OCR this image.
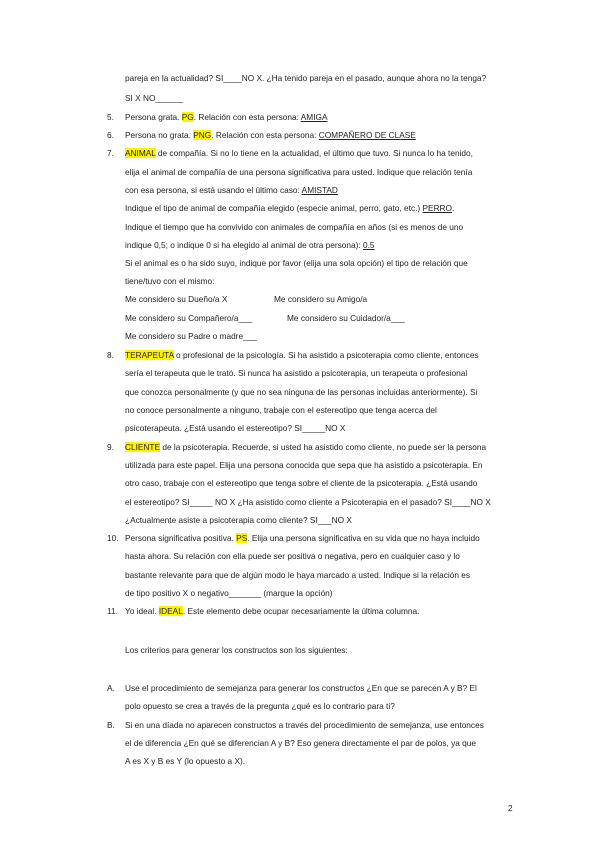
pareja en la actualidad? SI____NO X. ¿Ha tenido pareja en el pasado, aunque ahora no la tenga?
SI X NO______
5. Persona grata. PG. Relación con esta persona: AMIGA
6. Persona no grata. PNG. Relación con esta persona: COMPAÑERO DE CLASE
7. ANIMAL de compañía. Si no lo tiene en la actualidad, el último que tuvo. Si nunca lo ha tenido,
elija el animal de compañía de una persona significativa para usted. Indique que relación tenía
con esa persona, si está usando el último caso: AMISTAD
Indique el tipo de animal de compañía elegido (especie animal, perro, gato, etc.) PERRO.
Indique el tiempo que ha convivido con animales de compañía en años (si es menos de uno
indique 0,5; o indique 0 si ha elegido al animal de otra persona): 0.5
Si el animal es o ha sido suyo, indique por favor (elija una sola opción) el tipo de relación que
tiene/tuvo con el mismo:
Me considero su Dueño/a X	Me considero su Amigo/a
Me considero su Compañero/a___	Me considero su Cuidador/a___
Me considero su Padre o madre___
8. TERAPEUTA o profesional de la psicología. Si ha asistido a psicoterapia como cliente, entonces
sería el terapeuta que le trató. Si nunca ha asistido a psicoterapia, un terapeuta o profesional
que conozca personalmente (y que no sea ninguna de las personas incluidas anteriormente). Si
no conoce personalmente a ninguno, trabaje con el estereotipo que tenga acerca del
psicoterapeuta. ¿Está usando el estereotipo? SI_____NO X
9. CLIENTE de la psicoterapia. Recuerde, si usted ha asistido como cliente, no puede ser la persona
utilizada para este papel. Elija una persona conocida que sepa que ha asistido a psicoterapia. En
otro caso, trabaje con el estereotipo que tenga sobre el cliente de la psicoterapia. ¿Está usando
el estereotipo? SI_____ NO X ¿Ha asistido como cliente a Psicoterapia en el pasado? SI____NO X
¿Actualmente asiste a psicoterapia como cliente? SI___NO X
10. Persona significativa positiva. PS. Elija una persona significativa en su vida que no haya incluido
hasta ahora. Su relación con ella puede ser positiva o negativa, pero en cualquier caso y lo
bastante relevante para que de algún modo le haya marcado a usted. Indique si la relación es
de tipo positivo X o negativo_______ (marque la opción)
11. Yo ideal. IDEAL. Este elemento debe ocupar necesariamente la última columna.
Los criterios para generar los constructos son los siguientes:
A. Use el procedimiento de semejanza para generar los constructos ¿En que se parecen A y B? El
polo opuesto se crea a través de la pregunta ¿qué es lo contrario para ti?
B. Si en una díada no aparecen constructos a través del procedimiento de semejanza, use entonces
el de diferencia ¿En qué se diferencian A y B? Eso genera directamente el par de polos, ya que
A es X y B es Y (lo opuesto a X).
2
